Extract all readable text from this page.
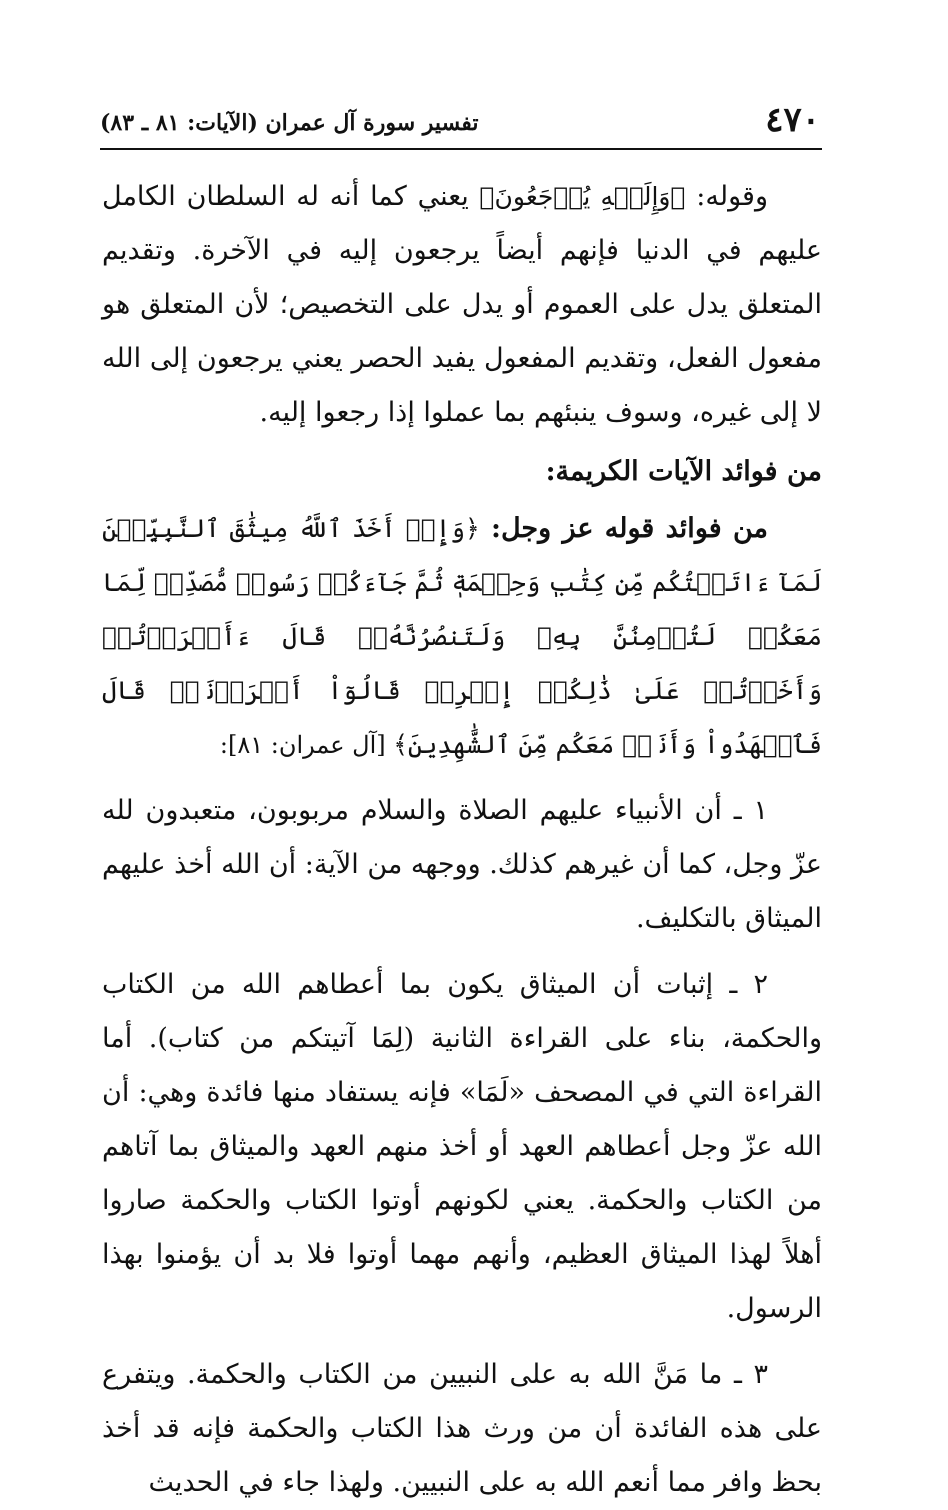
٤٧٠
تفسير سورة آل عمران (الآيات: ٨١ ـ ٨٣)

وقوله: ﴿وَإِلَيۡهِ يُرۡجَعُونَ﴾ يعني كما أنه له السلطان الكامل عليهم في الدنيا فإنهم أيضاً يرجعون إليه في الآخرة. وتقديم المتعلق يدل على العموم أو يدل على التخصيص؛ لأن المتعلق هو مفعول الفعل، وتقديم المفعول يفيد الحصر يعني يرجعون إلى الله لا إلى غيره، وسوف ينبئهم بما عملوا إذا رجعوا إليه.

من فوائد الآيات الكريمة:

من فوائد قوله عز وجل: ﴿وَإِذۡ أَخَذَ ٱللَّهُ مِيثَٰقَ ٱلنَّبِيِّـۧنَ لَمَآ ءَاتَيۡتُكُم مِّن كِتَٰبٖ وَحِكۡمَةٖ ثُمَّ جَآءَكُمۡ رَسُولٞ مُّصَدِّقٞ لِّمَا مَعَكُمۡ لَتُؤۡمِنُنَّ بِهِۦ وَلَتَنصُرُنَّهُۥۚ قَالَ ءَأَقۡرَرۡتُمۡ وَأَخَذۡتُمۡ عَلَىٰ ذَٰلِكُمۡ إِصۡرِيۖ قَالُوٓاْ أَقۡرَرۡنَاۚ قَالَ فَٱشۡهَدُواْ وَأَنَا۠ مَعَكُم مِّنَ ٱلشَّٰهِدِينَ﴾ [آل عمران: ٨١]:

١ ـ أن الأنبياء عليهم الصلاة والسلام مربوبون، متعبدون لله عزّ وجل، كما أن غيرهم كذلك. ووجهه من الآية: أن الله أخذ عليهم الميثاق بالتكليف.

٢ ـ إثبات أن الميثاق يكون بما أعطاهم الله من الكتاب والحكمة، بناء على القراءة الثانية (لِمَا آتيتكم من كتاب). أما القراءة التي في المصحف «لَمَا» فإنه يستفاد منها فائدة وهي: أن الله عزّ وجل أعطاهم العهد أو أخذ منهم العهد والميثاق بما آتاهم من الكتاب والحكمة. يعني لكونهم أوتوا الكتاب والحكمة صاروا أهلاً لهذا الميثاق العظيم، وأنهم مهما أوتوا فلا بد أن يؤمنوا بهذا الرسول.

٣ ـ ما مَنَّ الله به على النبيين من الكتاب والحكمة. ويتفرع على هذه الفائدة أن من ورث هذا الكتاب والحكمة فإنه قد أخذ بحظ وافر مما أنعم الله به على النبيين. ولهذا جاء في الحديث
